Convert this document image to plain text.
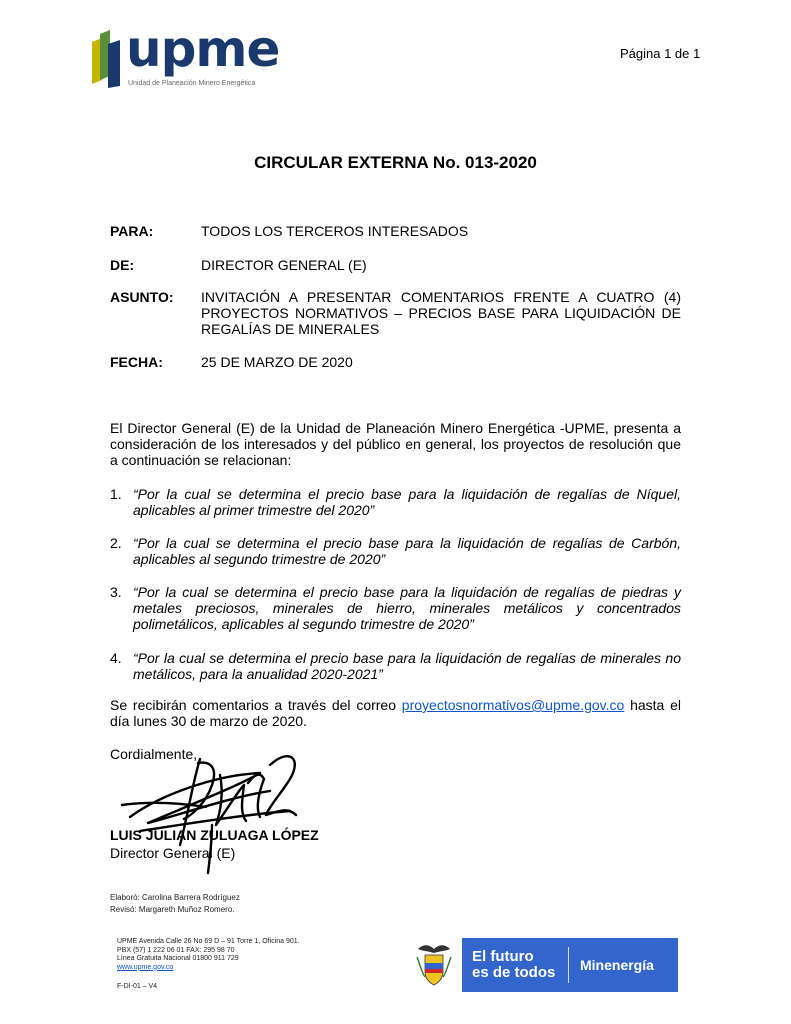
upme
Unidad de Planeación Minero Energética
Página 1 de 1
CIRCULAR EXTERNA No. 013-2020
PARA:	TODOS LOS TERCEROS INTERESADOS
DE:	DIRECTOR GENERAL (E)
ASUNTO:	INVITACIÓN A PRESENTAR COMENTARIOS FRENTE A CUATRO (4)
PROYECTOS NORMATIVOS – PRECIOS BASE PARA LIQUIDACIÓN DE
REGALÍAS DE MINERALES
FECHA:	25 DE MARZO DE 2020
El Director General (E) de la Unidad de Planeación Minero Energética -UPME, presenta a
consideración de los interesados y del público en general, los proyectos de resolución que
a continuación se relacionan:
1. “Por la cual se determina el precio base para la liquidación de regalías de Níquel,
aplicables al primer trimestre del 2020”
2. “Por la cual se determina el precio base para la liquidación de regalías de Carbón,
aplicables al segundo trimestre de 2020”
3. “Por la cual se determina el precio base para la liquidación de regalías de piedras y
metales preciosos, minerales de hierro, minerales metálicos y concentrados
polimetálicos, aplicables al segundo trimestre de 2020”
4. “Por la cual se determina el precio base para la liquidación de regalías de minerales no
metálicos, para la anualidad 2020-2021”
Se recibirán comentarios a través del correo proyectosnormativos@upme.gov.co hasta el
día lunes 30 de marzo de 2020.
Cordialmente,
LUIS JULIAN ZULUAGA LÓPEZ
Director General (E)
Elaboró: Carolina Barrera Rodríguez
Revisó: Margareth Muñoz Romero.
UPME Avenida Calle 26 No 69 D – 91 Torre 1, Oficina 901.
PBX (57) 1 222 06 01 FAX: 295 98 70
Línea Gratuita Nacional 01800 911 729
www.upme.gov.co
F-DI-01 – V4
El futuro
es de todos	Minenergía
